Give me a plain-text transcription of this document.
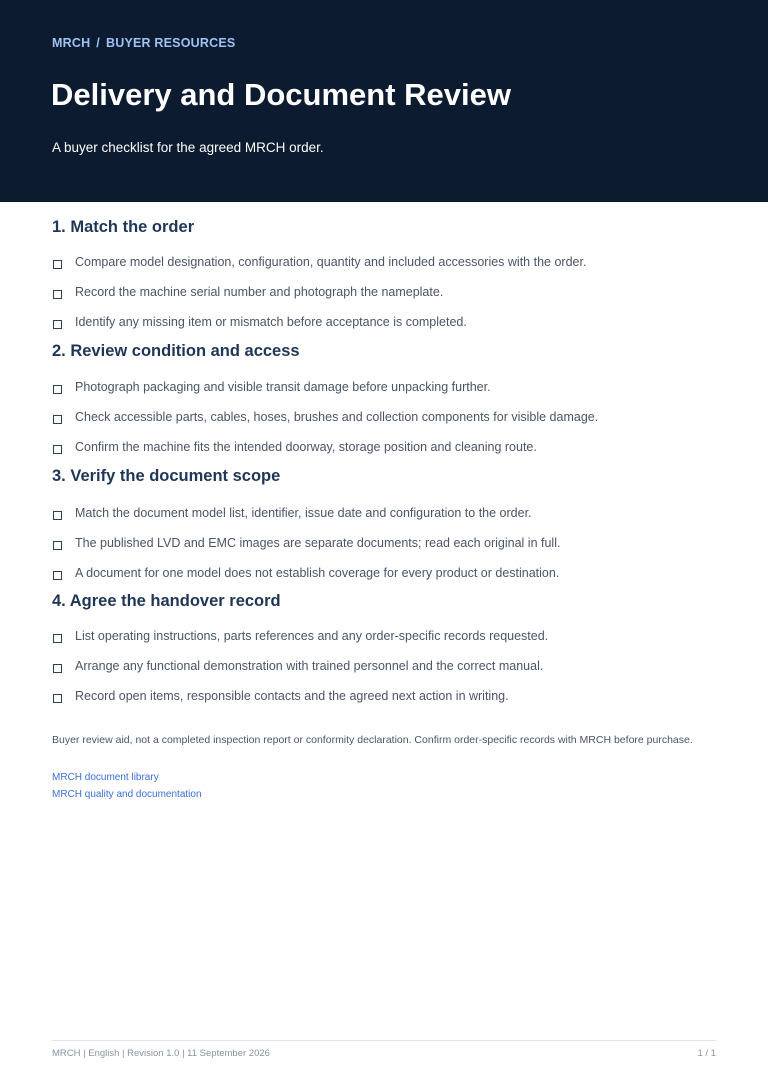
MRCH / BUYER RESOURCES
Delivery and Document Review

A buyer checklist for the agreed MRCH order.

1. Match the order
Compare model designation, configuration, quantity and included accessories with the order.
Record the machine serial number and photograph the nameplate.
Identify any missing item or mismatch before acceptance is completed.
2. Review condition and access
Photograph packaging and visible transit damage before unpacking further.
Check accessible parts, cables, hoses, brushes and collection components for visible damage.
Confirm the machine fits the intended doorway, storage position and cleaning route.
3. Verify the document scope
Match the document model list, identifier, issue date and configuration to the order.
The published LVD and EMC images are separate documents; read each original in full.
A document for one model does not establish coverage for every product or destination.
4. Agree the handover record
List operating instructions, parts references and any order-specific records requested.
Arrange any functional demonstration with trained personnel and the correct manual.
Record open items, responsible contacts and the agreed next action in writing.

Buyer review aid, not a completed inspection report or conformity declaration. Confirm order-specific records with MRCH before purchase.

MRCH document library
MRCH quality and documentation
MRCH | English | Revision 1.0 | 11 September 2026	1 / 1
